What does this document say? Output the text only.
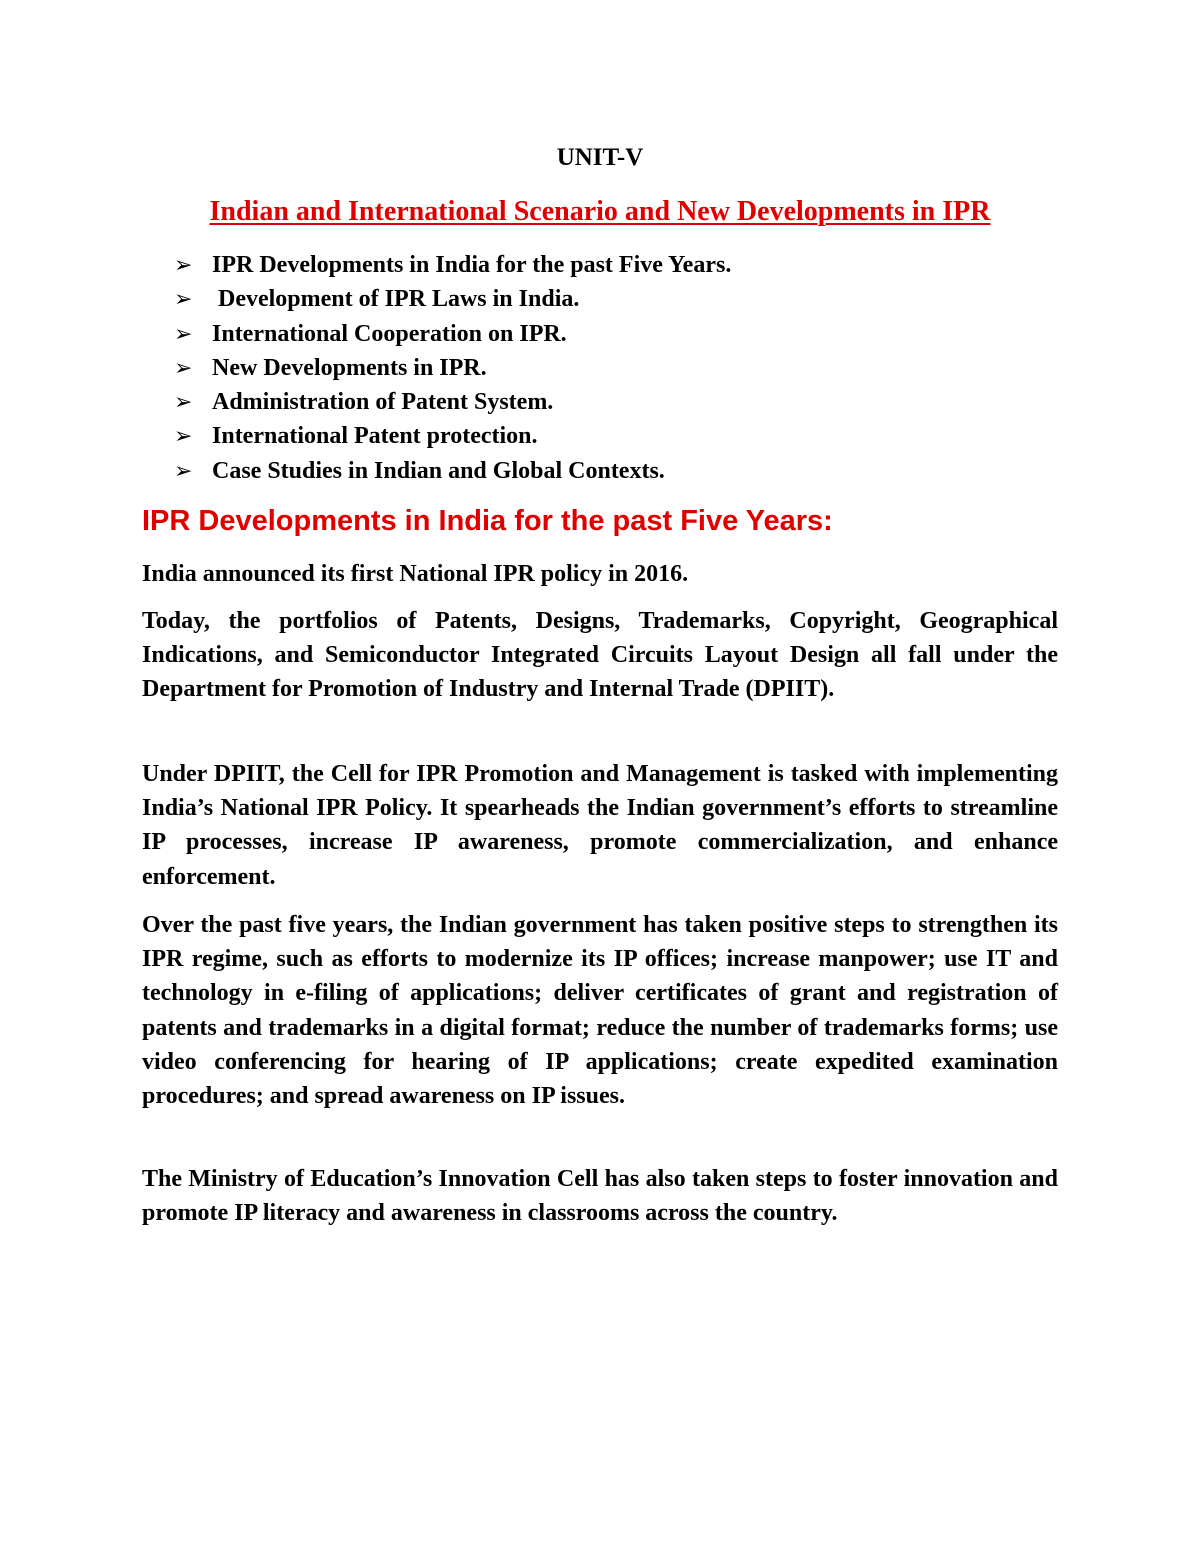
UNIT-V
Indian and International Scenario and New Developments in IPR
➢ IPR Developments in India for the past Five Years.
➢ Development of IPR Laws in India.
➢ International Cooperation on IPR.
➢ New Developments in IPR.
➢ Administration of Patent System.
➢ International Patent protection.
➢ Case Studies in Indian and Global Contexts.
IPR Developments in India for the past Five Years:

India announced its first National IPR policy in 2016.

Today, the portfolios of Patents, Designs, Trademarks, Copyright, Geographical Indications, and Semiconductor Integrated Circuits Layout Design all fall under the Department for Promotion of Industry and Internal Trade (DPIIT).

Under DPIIT, the Cell for IPR Promotion and Management is tasked with implementing India’s National IPR Policy. It spearheads the Indian government’s efforts to streamline IP processes, increase IP awareness, promote commercialization, and enhance enforcement.

Over the past five years, the Indian government has taken positive steps to strengthen its IPR regime, such as efforts to modernize its IP offices; increase manpower; use IT and technology in e-filing of applications; deliver certificates of grant and registration of patents and trademarks in a digital format; reduce the number of trademarks forms; use video conferencing for hearing of IP applications; create expedited examination procedures; and spread awareness on IP issues.

The Ministry of Education’s Innovation Cell has also taken steps to foster innovation and promote IP literacy and awareness in classrooms across the country.
